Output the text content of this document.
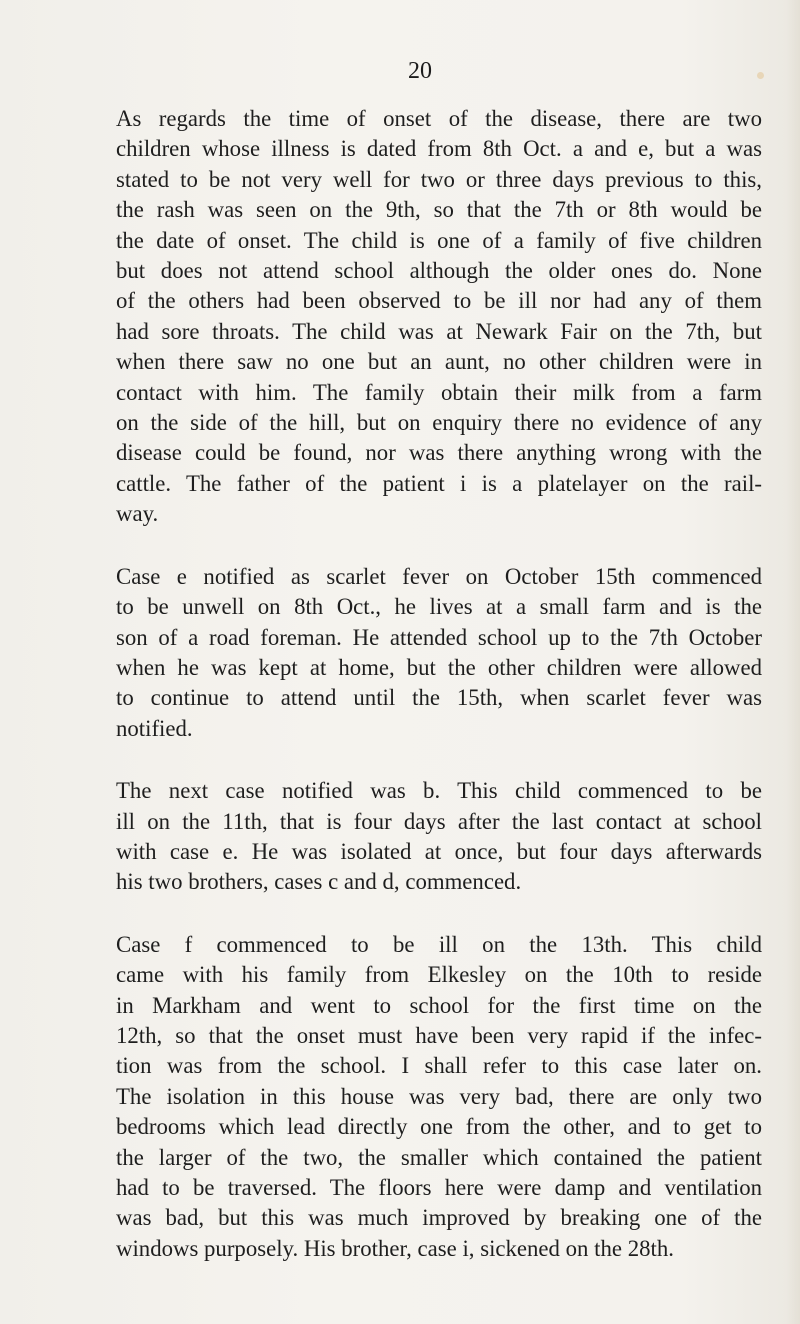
20
As regards the time of onset of the disease, there are two
children whose illness is dated from 8th Oct. a and e, but a was
stated to be not very well for two or three days previous to this,
the rash was seen on the 9th, so that the 7th or 8th would be
the date of onset. The child is one of a family of five children
but does not attend school although the older ones do. None
of the others had been observed to be ill nor had any of them
had sore throats. The child was at Newark Fair on the 7th, but
when there saw no one but an aunt, no other children were in
contact with him. The family obtain their milk from a farm
on the side of the hill, but on enquiry there no evidence of any
disease could be found, nor was there anything wrong with the
cattle. The father of the patient i is a platelayer on the rail-
way.
Case e notified as scarlet fever on October 15th commenced
to be unwell on 8th Oct., he lives at a small farm and is the
son of a road foreman. He attended school up to the 7th October
when he was kept at home, but the other children were allowed
to continue to attend until the 15th, when scarlet fever was
notified.
The next case notified was b. This child commenced to be
ill on the 11th, that is four days after the last contact at school
with case e. He was isolated at once, but four days afterwards
his two brothers, cases c and d, commenced.
Case f commenced to be ill on the 13th. This child
came with his family from Elkesley on the 10th to reside
in Markham and went to school for the first time on the
12th, so that the onset must have been very rapid if the infec-
tion was from the school. I shall refer to this case later on.
The isolation in this house was very bad, there are only two
bedrooms which lead directly one from the other, and to get to
the larger of the two, the smaller which contained the patient
had to be traversed. The floors here were damp and ventilation
was bad, but this was much improved by breaking one of the
windows purposely. His brother, case i, sickened on the 28th.
